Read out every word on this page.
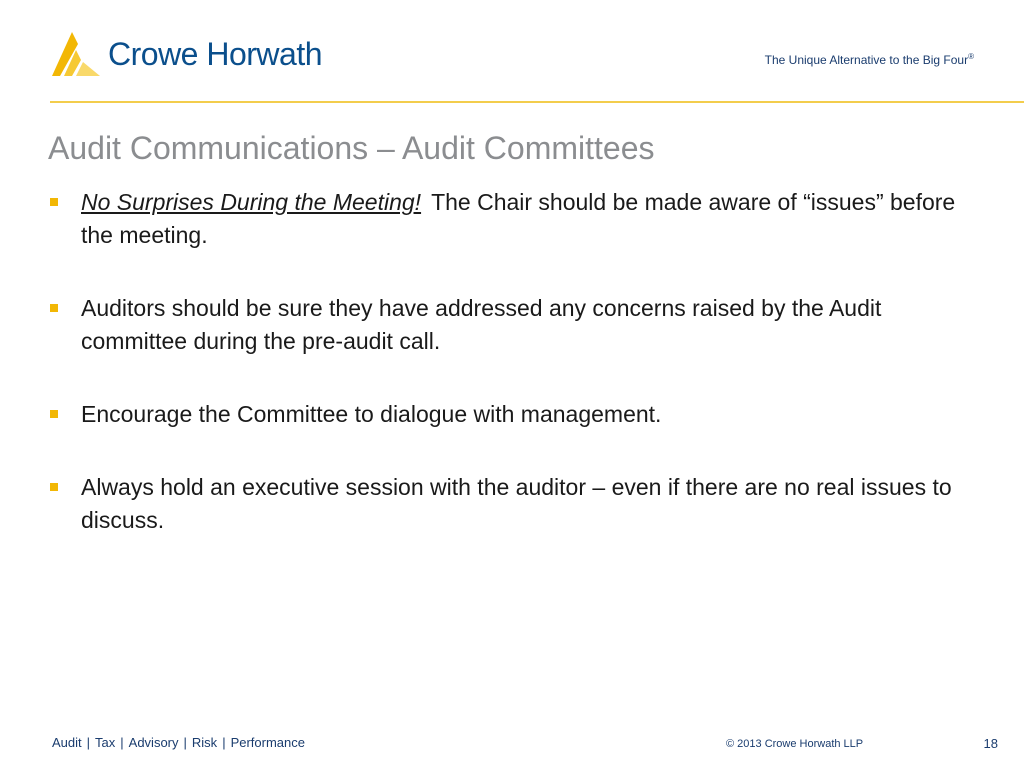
Crowe Horwath	The Unique Alternative to the Big Four®
Audit Communications – Audit Committees
No Surprises During the Meeting! The Chair should be made aware of “issues” before the meeting.
Auditors should be sure they have addressed any concerns raised by the Audit committee during the pre-audit call.
Encourage the Committee to dialogue with management.
Always hold an executive session with the auditor – even if there are no real issues to discuss.
Audit | Tax | Advisory | Risk | Performance	© 2013 Crowe Horwath LLP	18
